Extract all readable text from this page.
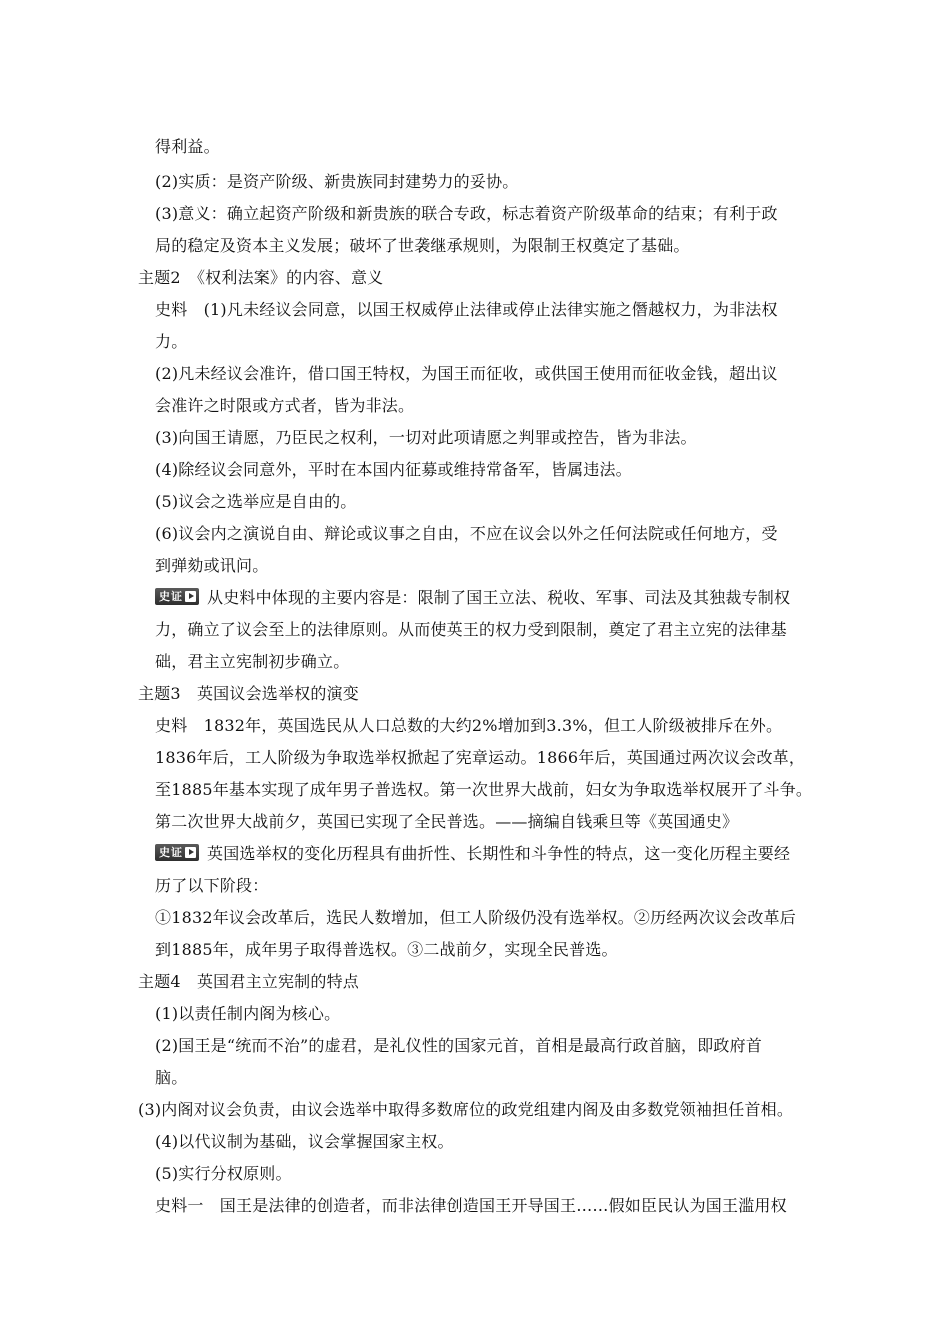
得利益。
(2)实质：是资产阶级、新贵族同封建势力的妥协。
(3)意义：确立起资产阶级和新贵族的联合专政，标志着资产阶级革命的结束；有利于政
局的稳定及资本主义发展；破坏了世袭继承规则，为限制王权奠定了基础。
主题2　《权利法案》的内容、意义
史料　(1)凡未经议会同意，以国王权威停止法律或停止法律实施之僭越权力，为非法权
力。
(2)凡未经议会准许，借口国王特权，为国王而征收，或供国王使用而征收金钱，超出议
会准许之时限或方式者，皆为非法。
(3)向国王请愿，乃臣民之权利，一切对此项请愿之判罪或控告，皆为非法。
(4)除经议会同意外，平时在本国内征募或维持常备军，皆属违法。
(5)议会之选举应是自由的。
(6)议会内之演说自由、辩论或议事之自由，不应在议会以外之任何法院或任何地方，受
到弹劾或讯问。
史证 从史料中体现的主要内容是：限制了国王立法、税收、军事、司法及其独裁专制权
力，确立了议会至上的法律原则。从而使英王的权力受到限制，奠定了君主立宪的法律基
础，君主立宪制初步确立。
主题3　英国议会选举权的演变
史料　1832年，英国选民从人口总数的大约2%增加到3.3%，但工人阶级被排斥在外。
1836年后，工人阶级为争取选举权掀起了宪章运动。1866年后，英国通过两次议会改革，
至1885年基本实现了成年男子普选权。第一次世界大战前，妇女为争取选举权展开了斗争。
第二次世界大战前夕，英国已实现了全民普选。——摘编自钱乘旦等《英国通史》
史证 英国选举权的变化历程具有曲折性、长期性和斗争性的特点，这一变化历程主要经
历了以下阶段：
①1832年议会改革后，选民人数增加，但工人阶级仍没有选举权。②历经两次议会改革后
到1885年，成年男子取得普选权。③二战前夕，实现全民普选。
主题4　英国君主立宪制的特点
(1)以责任制内阁为核心。
(2)国王是“统而不治”的虚君，是礼仪性的国家元首，首相是最高行政首脑，即政府首
脑。
(3)内阁对议会负责，由议会选举中取得多数席位的政党组建内阁及由多数党领袖担任首相。
(4)以代议制为基础，议会掌握国家主权。
(5)实行分权原则。
史料一　国王是法律的创造者，而非法律创造国王开导国王……假如臣民认为国王滥用权
